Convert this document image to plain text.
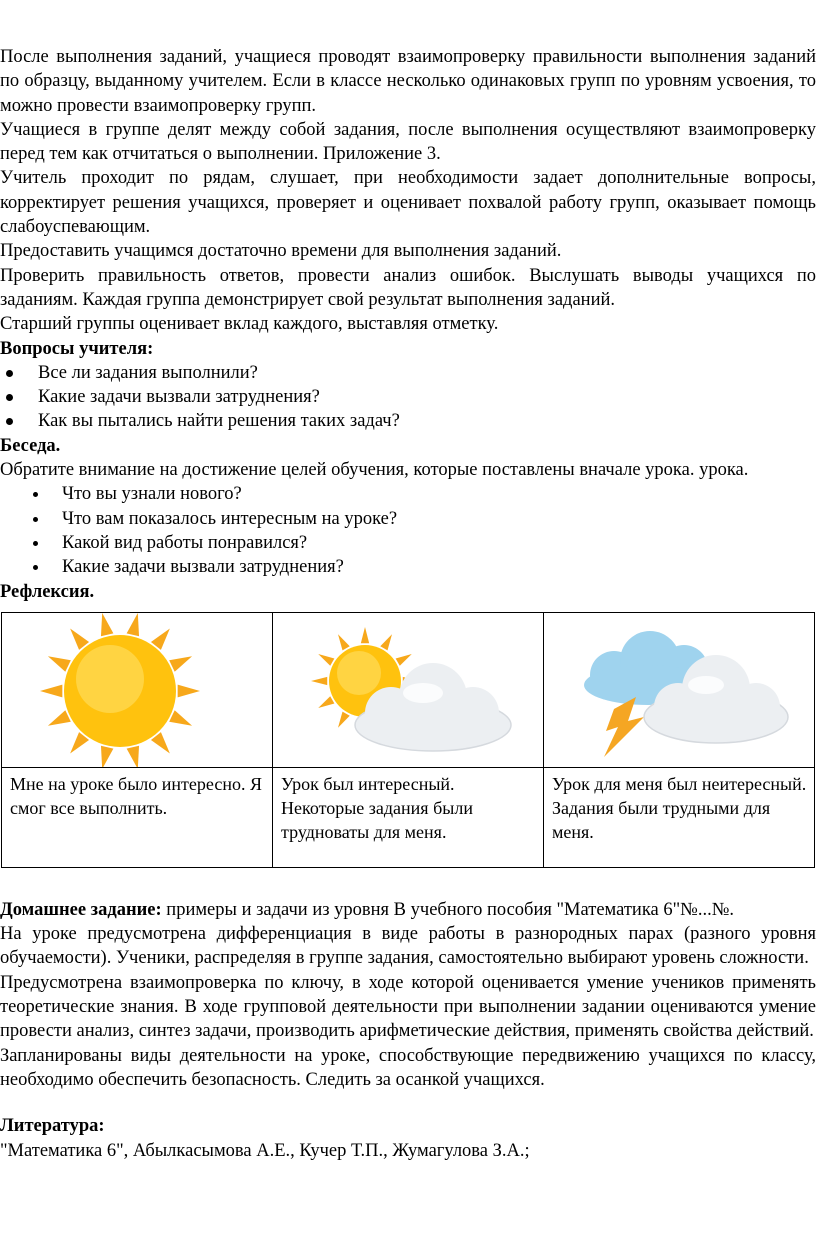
После выполнения заданий, учащиеся проводят взаимопроверку правильности выполнения заданий по образцу, выданному учителем. Если в классе несколько одинаковых групп по уровням усвоения, то можно провести взаимопроверку групп.

Учащиеся в группе делят между собой задания, после выполнения осуществляют взаимопроверку перед тем как отчитаться о выполнении. Приложение 3.

Учитель проходит по рядам, слушает, при необходимости задает дополнительные вопросы, корректирует решения учащихся, проверяет и оценивает похвалой работу групп, оказывает помощь слабоуспевающим.

Предоставить учащимся достаточно времени для выполнения заданий.

Проверить правильность ответов, провести анализ ошибок. Выслушать выводы учащихся по заданиям. Каждая группа демонстрирует свой результат выполнения заданий.

Старший группы оценивает вклад каждого, выставляя отметку.

Вопросы учителя:

Все ли задания выполнили?
Какие задачи вызвали затруднения?
Как вы пытались найти решения таких задач?

Беседа.

Обратите внимание на достижение целей обучения, которые поставлены вначале урока. урока.

Что вы узнали нового?
Что вам показалось интересным на уроке?
Какой вид работы понравился?
Какие задачи вызвали затруднения?

Рефлексия.

Мне на уроке было интересно. Я смог все выполнить.	Урок был интересный. Некоторые задания были трудноваты для меня.	Урок для меня был неитересный. Задания были трудными для меня.

Домашнее задание: примеры и задачи из уровня В учебного пособия "Математика 6"№...№.

На уроке предусмотрена дифференциация в виде работы в разнородных парах (разного уровня обучаемости). Ученики, распределяя в группе задания, самостоятельно выбирают уровень сложности.

Предусмотрена взаимопроверка по ключу, в ходе которой оценивается умение учеников применять теоретические знания. В ходе групповой деятельности при выполнении задании оцениваются умение провести анализ, синтез задачи, производить арифметические действия, применять свойства действий.

Запланированы виды деятельности на уроке, способствующие передвижению учащихся по классу, необходимо обеспечить безопасность. Следить за осанкой учащихся.

Литература:

"Математика 6", Абылкасымова А.Е., Кучер Т.П., Жумагулова З.А.;
